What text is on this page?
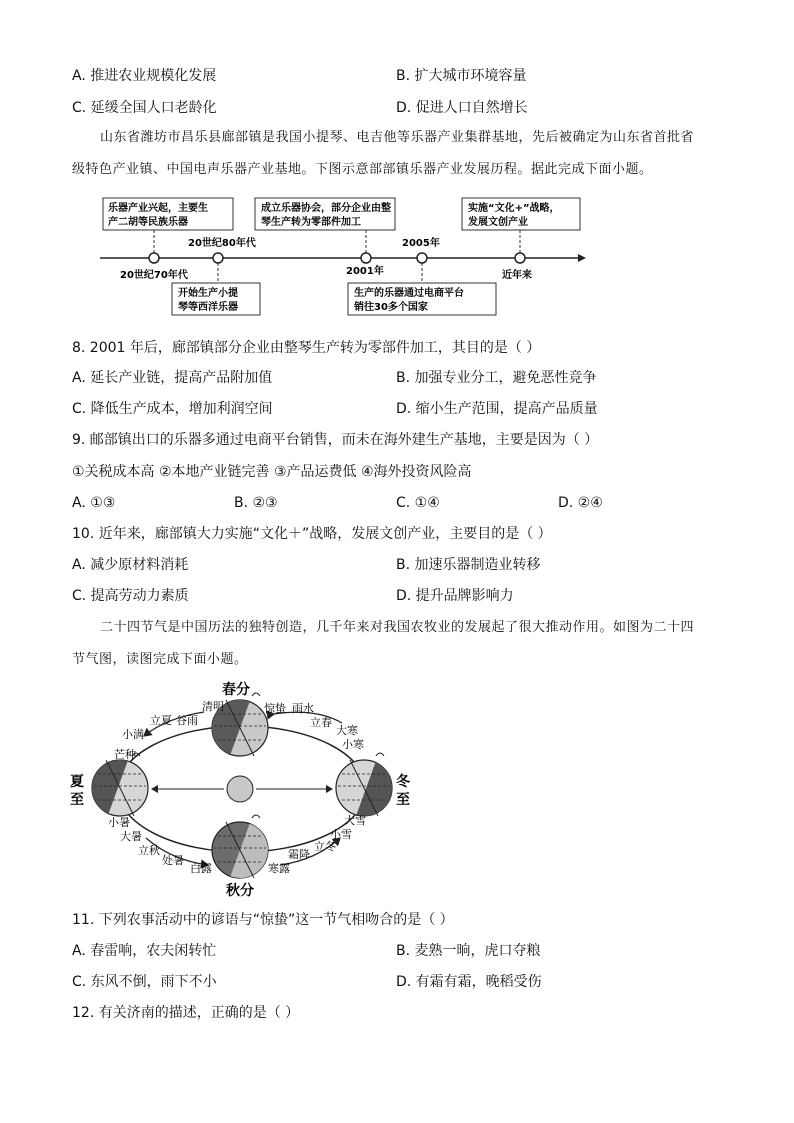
A. 推进农业规模化发展	B. 扩大城市环境容量
C. 延缓全国人口老龄化	D. 促进人口自然增长
山东省潍坊市昌乐县廊部镇是我国小提琴、电吉他等乐器产业集群基地，先后被确定为山东省首批省
级特色产业镇、中国电声乐器产业基地。下图示意部部镇乐器产业发展历程。据此完成下面小题。
乐器产业兴起，主要生
产二胡等民族乐器
成立乐器协会，部分企业由整
琴生产转为零部件加工
实施“文化+”战略，
发展文创产业
20世纪70年代
20世纪80年代
2001年
2005年
近年来
开始生产小提
琴等西洋乐器
生产的乐器通过电商平台
销往30多个国家
8. 2001 年后，廊部镇部分企业由整琴生产转为零部件加工，其目的是（ ）
A. 延长产业链，提高产品附加值	B. 加强专业分工，避免恶性竞争
C. 降低生产成本，增加利润空间	D. 缩小生产范围，提高产品质量
9. 邮部镇出口的乐器多通过电商平台销售，而未在海外建生产基地，主要是因为（ ）
①关税成本高 ②本地产业链完善 ③产品运费低 ④海外投资风险高
A. ①③	B. ②③	C. ①④	D. ②④
10. 近年来，廊部镇大力实施“文化＋”战略，发展文创产业，主要目的是（ ）
A. 减少原材料消耗	B. 加速乐器制造业转移
C. 提高劳动力素质	D. 提升品牌影响力
二十四节气是中国历法的独特创造，几千年来对我国农牧业的发展起了很大推动作用。如图为二十四
节气图，读图完成下面小题。
春分
秋分
夏
至
冬
至
清明
谷雨
立夏
小满
芒种
惊蛰 雨水
立春
大寒
小寒
小暑
大暑
立秋
处暑
白露	寒露
霜降
立冬
小雪
大雪
11. 下列农事活动中的谚语与“惊蛰”这一节气相吻合的是（ ）
A. 春雷响，农夫闲转忙	B. 麦熟一晌，虎口夺粮
C. 东风不倒，雨下不小	D. 有霜有霜，晚稻受伤
12. 有关济南的描述，正确的是（ ）
